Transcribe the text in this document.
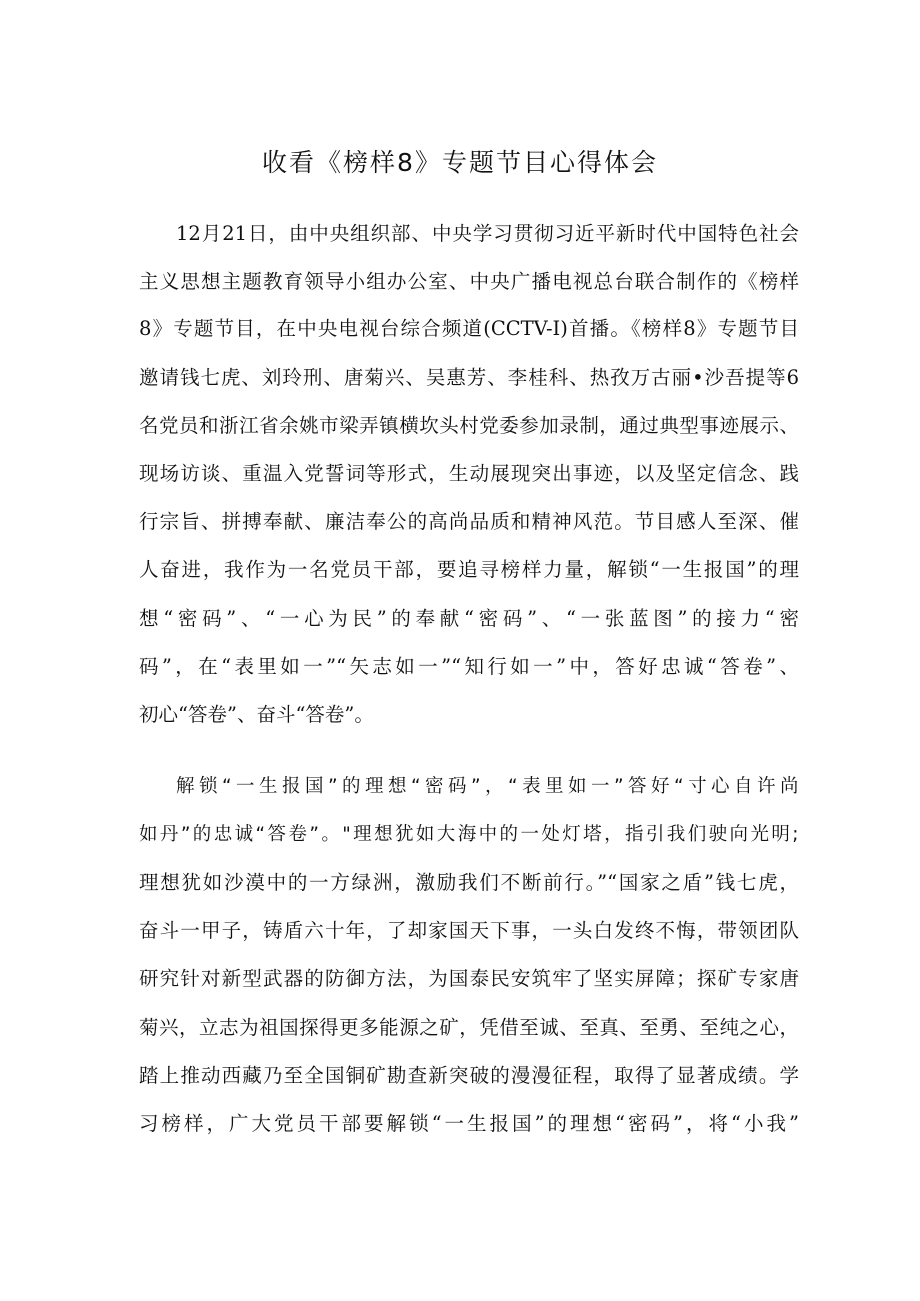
收看《榜样8》专题节目心得体会
12月21日，由中央组织部、中央学习贯彻习近平新时代中国特色社会
主义思想主题教育领导小组办公室、中央广播电视总台联合制作的《榜样
8》专题节目，在中央电视台综合频道(CCTV-I)首播。《榜样8》专题节目
邀请钱七虎、刘玲刑、唐菊兴、吴惠芳、李桂科、热孜万古丽•沙吾提等6
名党员和浙江省余姚市梁弄镇横坎头村党委参加录制，通过典型事迹展示、
现场访谈、重温入党誓词等形式，生动展现突出事迹，以及坚定信念、践
行宗旨、拼搏奉献、廉洁奉公的高尚品质和精神风范。节目感人至深、催
人奋进，我作为一名党员干部，要追寻榜样力量，解锁“一生报国”的理
想“密码”、“一心为民”的奉献“密码”、“一张蓝图”的接力“密
码”，在“表里如一”“矢志如一”“知行如一”中，答好忠诚“答卷”、
初心“答卷”、奋斗“答卷”。
解锁“一生报国”的理想“密码”，“表里如一”答好“寸心自许尚
如丹”的忠诚“答卷”。"理想犹如大海中的一处灯塔，指引我们驶向光明;
理想犹如沙漠中的一方绿洲，激励我们不断前行。”“国家之盾”钱七虎，
奋斗一甲子，铸盾六十年，了却家国天下事，一头白发终不悔，带领团队
研究针对新型武器的防御方法，为国泰民安筑牢了坚实屏障；探矿专家唐
菊兴，立志为祖国探得更多能源之矿，凭借至诚、至真、至勇、至纯之心，
踏上推动西藏乃至全国铜矿勘查新突破的漫漫征程，取得了显著成绩。学
习榜样，广大党员干部要解锁“一生报国”的理想“密码”，将“小我”
